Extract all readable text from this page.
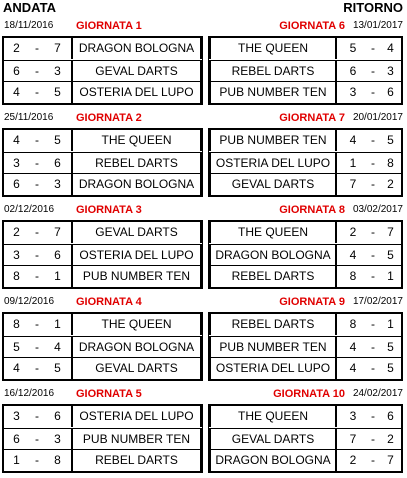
ANDATA	RITORNO
18/11/2016 GIORNATA 1	GIORNATA 6 13/01/2017
2	-	7	DRAGON BOLOGNA	THE QUEEN	5	-	4
6	-	3	GEVAL DARTS	REBEL DARTS	6	-	3
4	-	5	OSTERIA DEL LUPO	PUB NUMBER TEN	3	-	6
25/11/2016 GIORNATA 2	GIORNATA 7 20/01/2017
4	-	5	THE QUEEN	PUB NUMBER TEN	4	-	5
3	-	6	REBEL DARTS	OSTERIA DEL LUPO	1	-	8
6	-	3	DRAGON BOLOGNA	GEVAL DARTS	7	-	2
02/12/2016 GIORNATA 3	GIORNATA 8 03/02/2017
2	-	7	GEVAL DARTS	THE QUEEN	2	-	7
3	-	6	OSTERIA DEL LUPO	DRAGON BOLOGNA	4	-	5
8	-	1	PUB NUMBER TEN	REBEL DARTS	8	-	1
09/12/2016 GIORNATA 4	GIORNATA 9 17/02/2017
8	-	1	THE QUEEN	REBEL DARTS	8	-	1
5	-	4	DRAGON BOLOGNA	PUB NUMBER TEN	4	-	5
4	-	5	GEVAL DARTS	OSTERIA DEL LUPO	4	-	5
16/12/2016 GIORNATA 5	GIORNATA 10 24/02/2017
3	-	6	OSTERIA DEL LUPO	THE QUEEN	3	-	6
6	-	3	PUB NUMBER TEN	GEVAL DARTS	7	-	2
1	-	8	REBEL DARTS	DRAGON BOLOGNA	2	-	7
